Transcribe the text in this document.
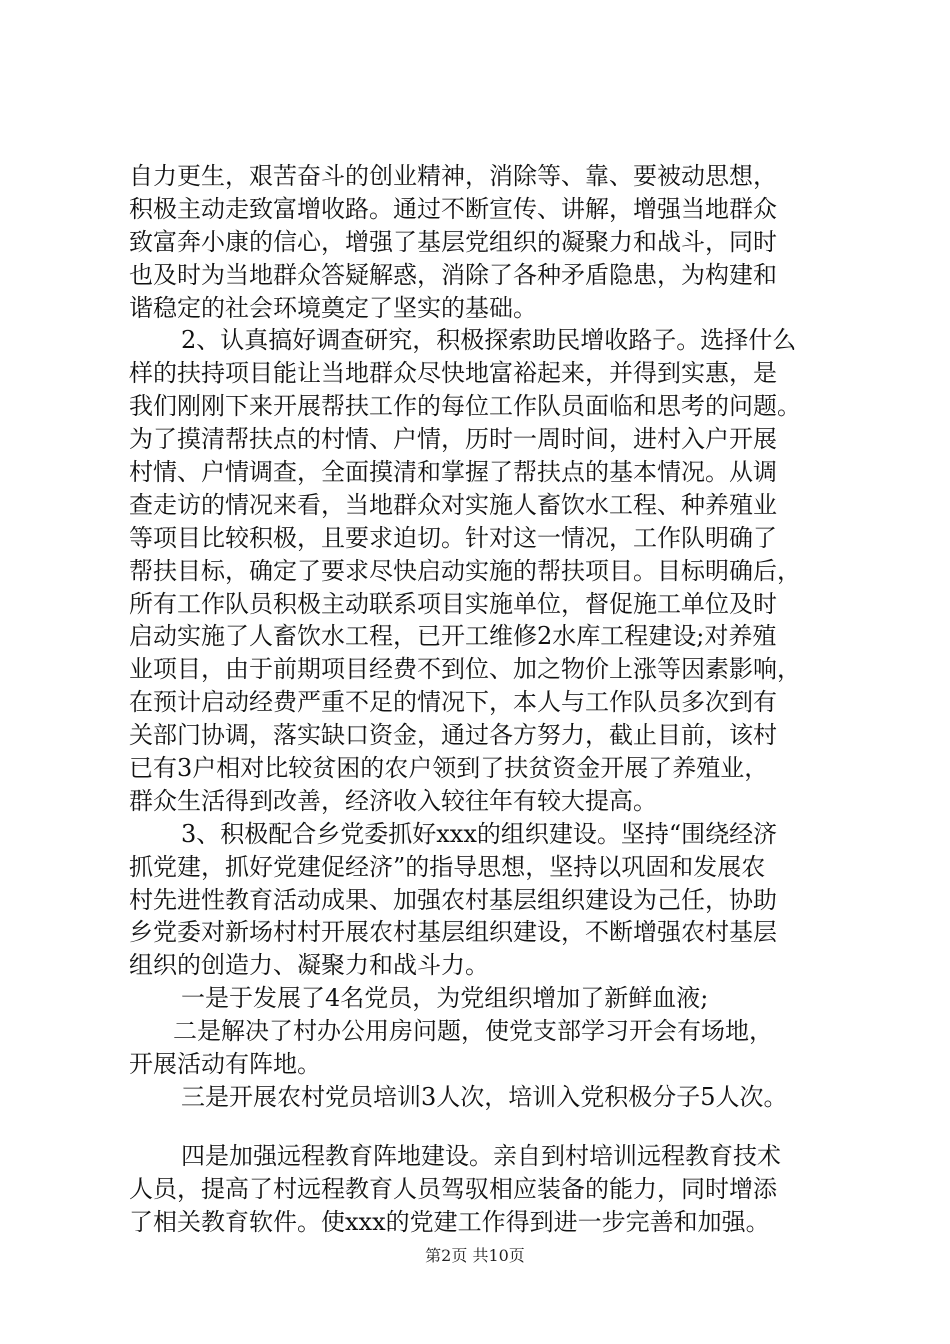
自力更生，艰苦奋斗的创业精神，消除等、靠、要被动思想，
积极主动走致富增收路。通过不断宣传、讲解，增强当地群众
致富奔小康的信心，增强了基层党组织的凝聚力和战斗，同时
也及时为当地群众答疑解惑，消除了各种矛盾隐患，为构建和
谐稳定的社会环境奠定了坚实的基础。
2、认真搞好调查研究，积极探索助民增收路子。选择什么
样的扶持项目能让当地群众尽快地富裕起来，并得到实惠，是
我们刚刚下来开展帮扶工作的每位工作队员面临和思考的问题。
为了摸清帮扶点的村情、户情，历时一周时间，进村入户开展
村情、户情调查，全面摸清和掌握了帮扶点的基本情况。从调
查走访的情况来看，当地群众对实施人畜饮水工程、种养殖业
等项目比较积极，且要求迫切。针对这一情况，工作队明确了
帮扶目标，确定了要求尽快启动实施的帮扶项目。目标明确后，
所有工作队员积极主动联系项目实施单位，督促施工单位及时
启动实施了人畜饮水工程，已开工维修2水库工程建设;对养殖
业项目，由于前期项目经费不到位、加之物价上涨等因素影响，
在预计启动经费严重不足的情况下，本人与工作队员多次到有
关部门协调，落实缺口资金，通过各方努力，截止目前，该村
已有3户相对比较贫困的农户领到了扶贫资金开展了养殖业，
群众生活得到改善，经济收入较往年有较大提高。
3、积极配合乡党委抓好xxx的组织建设。坚持“围绕经济
抓党建，抓好党建促经济”的指导思想，坚持以巩固和发展农
村先进性教育活动成果、加强农村基层组织建设为己任，协助
乡党委对新场村村开展农村基层组织建设，不断增强农村基层
组织的创造力、凝聚力和战斗力。
一是于发展了4名党员，为党组织增加了新鲜血液;
二是解决了村办公用房问题，使党支部学习开会有场地，
开展活动有阵地。
三是开展农村党员培训3人次，培训入党积极分子5人次。
四是加强远程教育阵地建设。亲自到村培训远程教育技术
人员，提高了村远程教育人员驾驭相应装备的能力，同时增添
了相关教育软件。使xxx的党建工作得到进一步完善和加强。
第2页 共10页
